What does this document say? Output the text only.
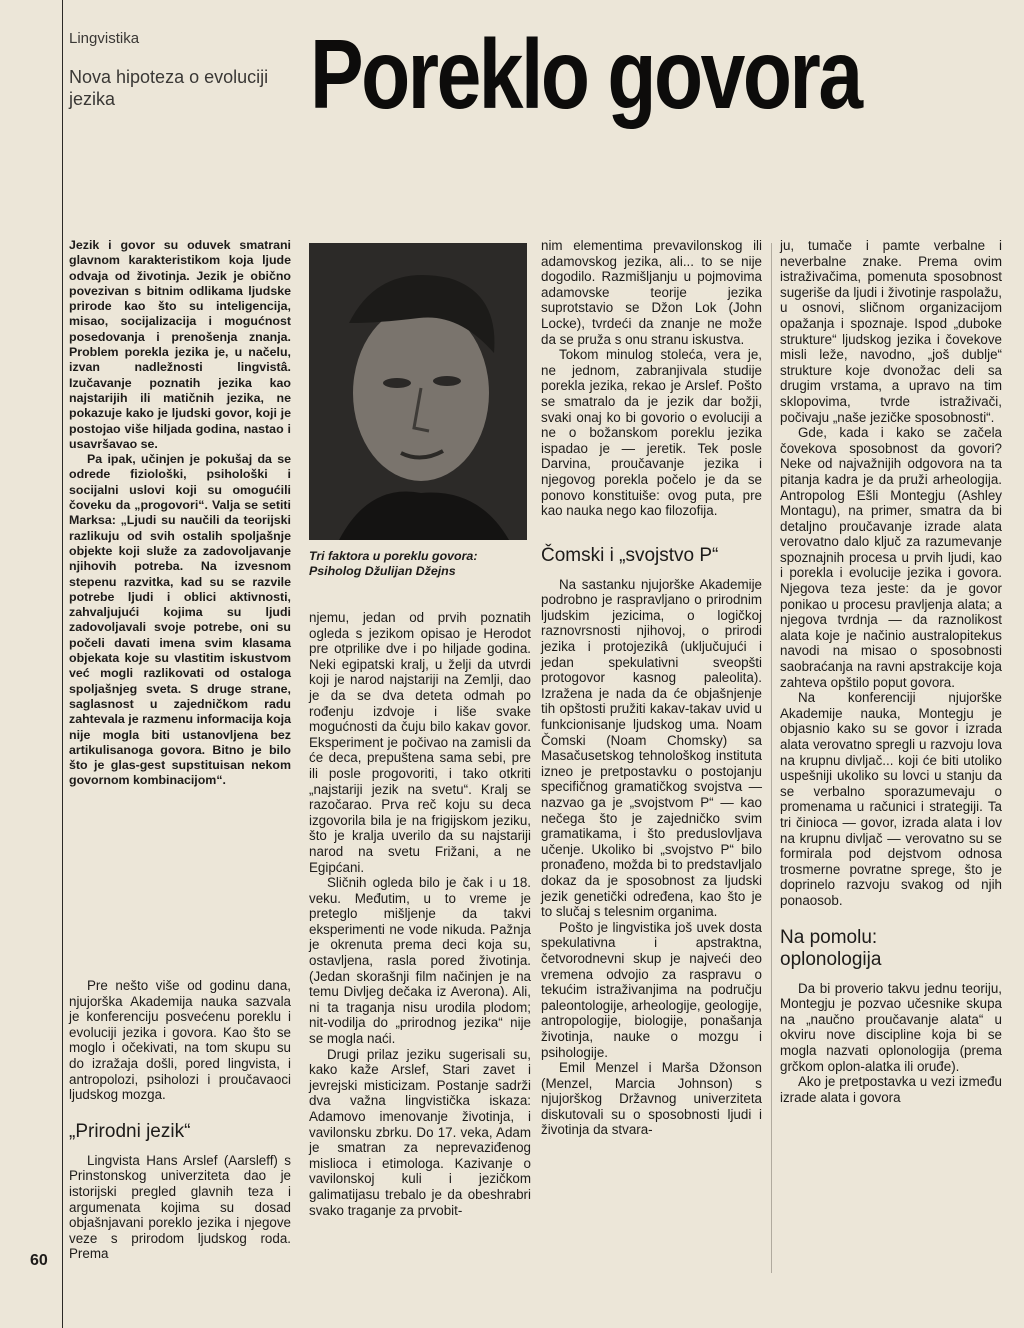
Lingvistika
Nova hipoteza o evoluciji jezika	Poreklo govora

Jezik i govor su oduvek smatrani glavnom karakteristikom koja ljude odvaja od životinja. Jezik je obično povezivan s bitnim odlikama ljudske prirode kao što su inteligencija, misao, socijalizacija i mogućnost posedovanja i prenošenja znanja. Problem porekla jezika je, u načelu, izvan nadležnosti lingvistâ. Izučavanje poznatih jezika kao najstarijih ili matičnih jezika, ne pokazuje kako je ljudski govor, koji je postojao više hiljada godina, nastao i usavršavao se.

Pa ipak, učinjen je pokušaj da se odrede fiziološki, psihološki i socijalni uslovi koji su omogućili čoveku da „progovori“. Valja se setiti Marksa: „Ljudi su naučili da teorijski razlikuju od svih ostalih spoljašnje objekte koji služe za zadovoljavanje njihovih potreba. Na izvesnom stepenu razvitka, kad su se razvile potrebe ljudi i oblici aktivnosti, zahvaljujući kojima su ljudi zadovoljavali svoje potrebe, oni su počeli davati imena svim klasama objekata koje su vlastitim iskustvom već mogli razlikovati od ostaloga spoljašnjeg sveta. S druge strane, saglasnost u zajedničkom radu zahtevala je razmenu informacija koja nije mogla biti ustanovljena bez artikulisanoga govora. Bitno je bilo što je glas-gest supstituisan nekom govornom kombinacijom“.

Pre nešto više od godinu dana, njujorška Akademija nauka sazvala je konferenciju posvećenu poreklu i evoluciji jezika i govora. Kao što se moglo i očekivati, na tom skupu su do izražaja došli, pored lingvista, i antropolozi, psiholozi i proučavaoci ljudskog mozga.

„Prirodni jezik“

Lingvista Hans Arslef (Aarsleff) s Prinstonskog univerziteta dao je istorijski pregled glavnih teza i argumenata kojima su dosad objašnjavani poreklo jezika i njegove veze s prirodom ljudskog roda. Prema

Tri faktora u poreklu govora: Psiholog Džulijan Džejns

njemu, jedan od prvih poznatih ogleda s jezikom opisao je Herodot pre otprilike dve i po hiljade godina. Neki egipatski kralj, u želji da utvrdi koji je narod najstariji na Zemlji, dao je da se dva deteta odmah po rođenju izdvoje i liše svake mogućnosti da čuju bilo kakav govor. Eksperiment je počivao na zamisli da će deca, prepuštena sama sebi, pre ili posle progovoriti, i tako otkriti „najstariji jezik na svetu“. Kralj se razočarao. Prva reč koju su deca izgovorila bila je na frigijskom jeziku, što je kralja uverilo da su najstariji narod na svetu Frižani, a ne Egipćani.

Sličnih ogleda bilo je čak i u 18. veku. Međutim, u to vreme je preteglo mišljenje da takvi eksperimenti ne vode nikuda. Pažnja je okrenuta prema deci koja su, ostavljena, rasla pored životinja. (Jedan skorašnji film načinjen je na temu Divljeg dečaka iz Averona). Ali, ni ta traganja nisu urodila plodom; nit-vodilja do „prirodnog jezika“ nije se mogla naći.

Drugi prilaz jeziku sugerisali su, kako kaže Arslef, Stari zavet i jevrejski misticizam. Postanje sadrži dva važna lingvistička iskaza: Adamovo imenovanje životinja, i vavilonsku zbrku. Do 17. veka, Adam je smatran za neprevaziđenog mislioca i etimologa. Kazivanje o vavilonskoj kuli i jezičkom galimatijasu trebalo je da obeshrabri svako traganje za prvobit-

nim elementima prevavilonskog ili adamovskog jezika, ali... to se nije dogodilo. Razmišljanju u pojmovima adamovske teorije jezika suprotstavio se Džon Lok (John Locke), tvrdeći da znanje ne može da se pruža s onu stranu iskustva.

Tokom minulog stoleća, vera je, ne jednom, zabranjivala studije porekla jezika, rekao je Arslef. Pošto se smatralo da je jezik dar božji, svaki onaj ko bi govorio o evoluciji a ne o božanskom poreklu jezika ispadao je — jeretik. Tek posle Darvina, proučavanje jezika i njegovog porekla počelo je da se ponovo konstituiše: ovog puta, pre kao nauka nego kao filozofija.

Čomski i „svojstvo P“

Na sastanku njujorške Akademije podrobno je raspravljano o prirodnim ljudskim jezicima, o logičkoj raznovrsnosti njihovoj, o prirodi jezika i protojezikâ (uključujući i jedan spekulativni sveopšti protogovor kasnog paleolita). Izražena je nada da će objašnjenje tih opštosti pružiti kakav-takav uvid u funkcionisanje ljudskog uma. Noam Čomski (Noam Chomsky) sa Masačusetskog tehnološkog instituta izneo je pretpostavku o postojanju specifičnog gramatičkog svojstva — nazvao ga je „svojstvom P“ — kao nečega što je zajedničko svim gramatikama, i što preduslovljava učenje. Ukoliko bi „svojstvo P“ bilo pronađeno, možda bi to predstavljalo dokaz da je sposobnost za ljudski jezik genetički određena, kao što je to slučaj s telesnim organima.

Pošto je lingvistika još uvek dosta spekulativna i apstraktna, četvorodnevni skup je najveći deo vremena odvojio za raspravu o tekućim istraživanjima na području paleontologije, arheologije, geologije, antropologije, biologije, ponašanja životinja, nauke o mozgu i psihologije.

Emil Menzel i Marša Džonson (Menzel, Marcia Johnson) s njujorškog Državnog univerziteta diskutovali su o sposobnosti ljudi i životinja da stvara-

ju, tumače i pamte verbalne i neverbalne znake. Prema ovim istraživačima, pomenuta sposobnost sugeriše da ljudi i životinje raspolažu, u osnovi, sličnom organizacijom opažanja i spoznaje. Ispod „duboke strukture“ ljudskog jezika i čovekove misli leže, navodno, „još dublje“ strukture koje dvonožac deli sa drugim vrstama, a upravo na tim sklopovima, tvrde istraživači, počivaju „naše jezičke sposobnosti“.

Gde, kada i kako se začela čovekova sposobnost da govori? Neke od najvažnijih odgovora na ta pitanja kadra je da pruži arheologija. Antropolog Ešli Montegju (Ashley Montagu), na primer, smatra da bi detaljno proučavanje izrade alata verovatno dalo ključ za razumevanje spoznajnih procesa u prvih ljudi, kao i porekla i evolucije jezika i govora. Njegova teza jeste: da je govor ponikao u procesu pravljenja alata; a njegova tvrdnja — da raznolikost alata koje je načinio australopitekus navodi na misao o sposobnosti saobraćanja na ravni apstrakcije koja zahteva opštilo poput govora.

Na konferenciji njujorške Akademije nauka, Montegju je objasnio kako su se govor i izrada alata verovatno spregli u razvoju lova na krupnu divljač... koji će biti utoliko uspešniji ukoliko su lovci u stanju da se verbalno sporazumevaju o promenama u računici i strategiji. Ta tri činioca — govor, izrada alata i lov na krupnu divljač — verovatno su se formirala pod dejstvom odnosa trosmerne povratne sprege, što je doprinelo razvoju svakog od njih ponaosob.

Na pomolu: oplonologija

Da bi proverio takvu jednu teoriju, Montegju je pozvao učesnike skupa na „naučno proučavanje alata“ u okviru nove discipline koja bi se mogla nazvati oplonologija (prema grčkom oplon-alatka ili oruđe).

Ako je pretpostavka u vezi između izrade alata i govora

60
